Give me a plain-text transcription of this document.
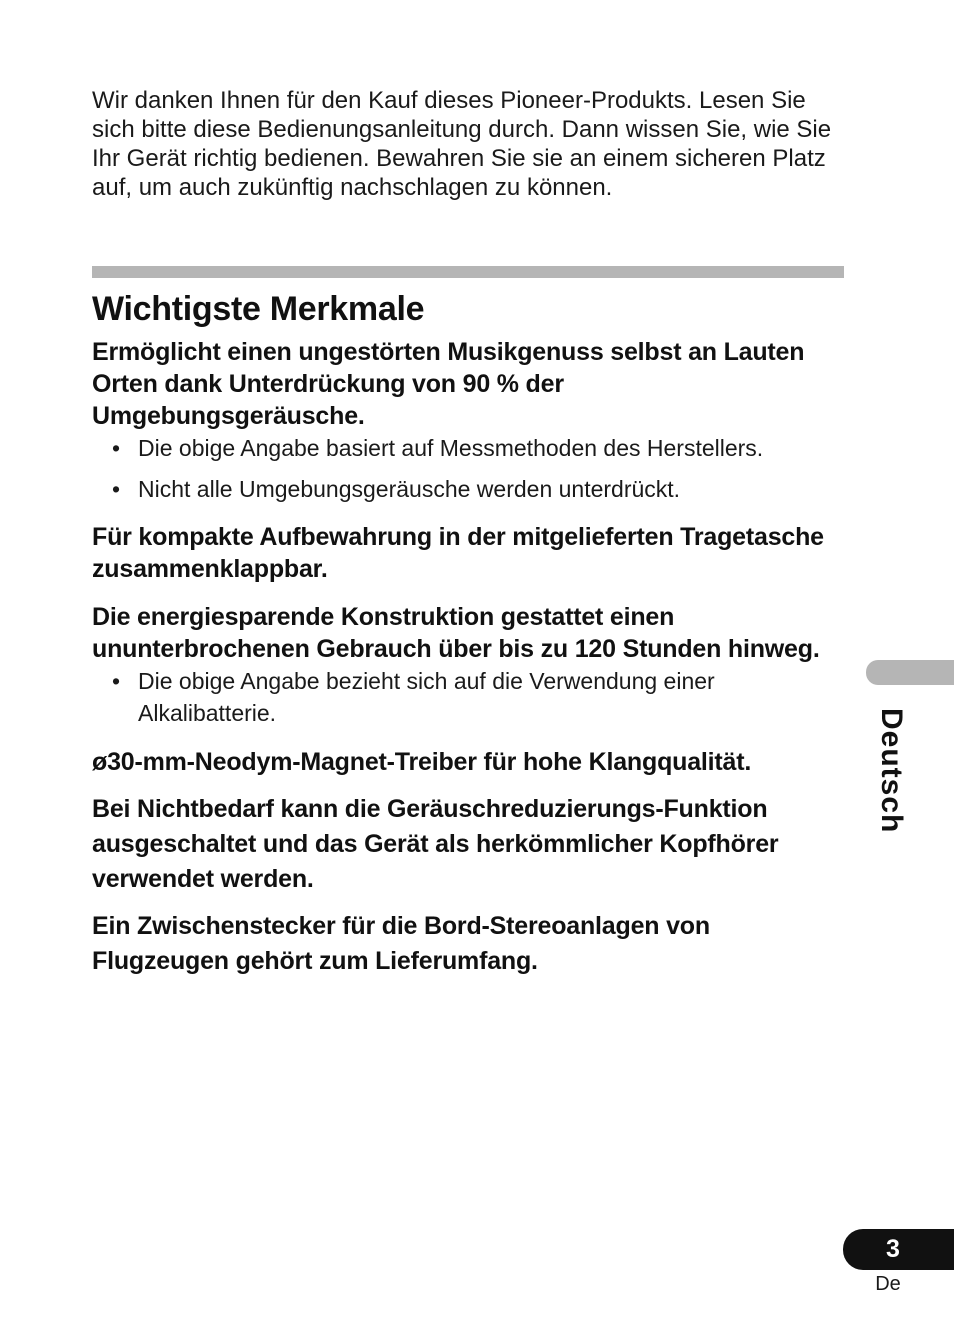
Wir danken Ihnen für den Kauf dieses Pioneer-Produkts. Lesen Sie sich bitte diese Bedienungsanleitung durch. Dann wissen Sie, wie Sie Ihr Gerät richtig bedienen. Bewahren Sie sie an einem sicheren Platz auf, um auch zukünftig nachschlagen zu können.

Wichtigste Merkmale

Ermöglicht einen ungestörten Musikgenuss selbst an Lauten Orten dank Unterdrückung von 90 % der Umgebungsgeräusche.

• Die obige Angabe basiert auf Messmethoden des Herstellers.
• Nicht alle Umgebungsgeräusche werden unterdrückt.

Für kompakte Aufbewahrung in der mitgelieferten Tragetasche zusammenklappbar.

Die energiesparende Konstruktion gestattet einen ununterbrochenen Gebrauch über bis zu 120 Stunden hinweg.

• Die obige Angabe bezieht sich auf die Verwendung einer Alkalibatterie.

ø30-mm-Neodym-Magnet-Treiber für hohe Klangqualität.

Bei Nichtbedarf kann die Geräuschreduzierungs-Funktion ausgeschaltet und das Gerät als herkömmlicher Kopfhörer verwendet werden.

Ein Zwischenstecker für die Bord-Stereoanlagen von Flugzeugen gehört zum Lieferumfang.

Deutsch
3
De
